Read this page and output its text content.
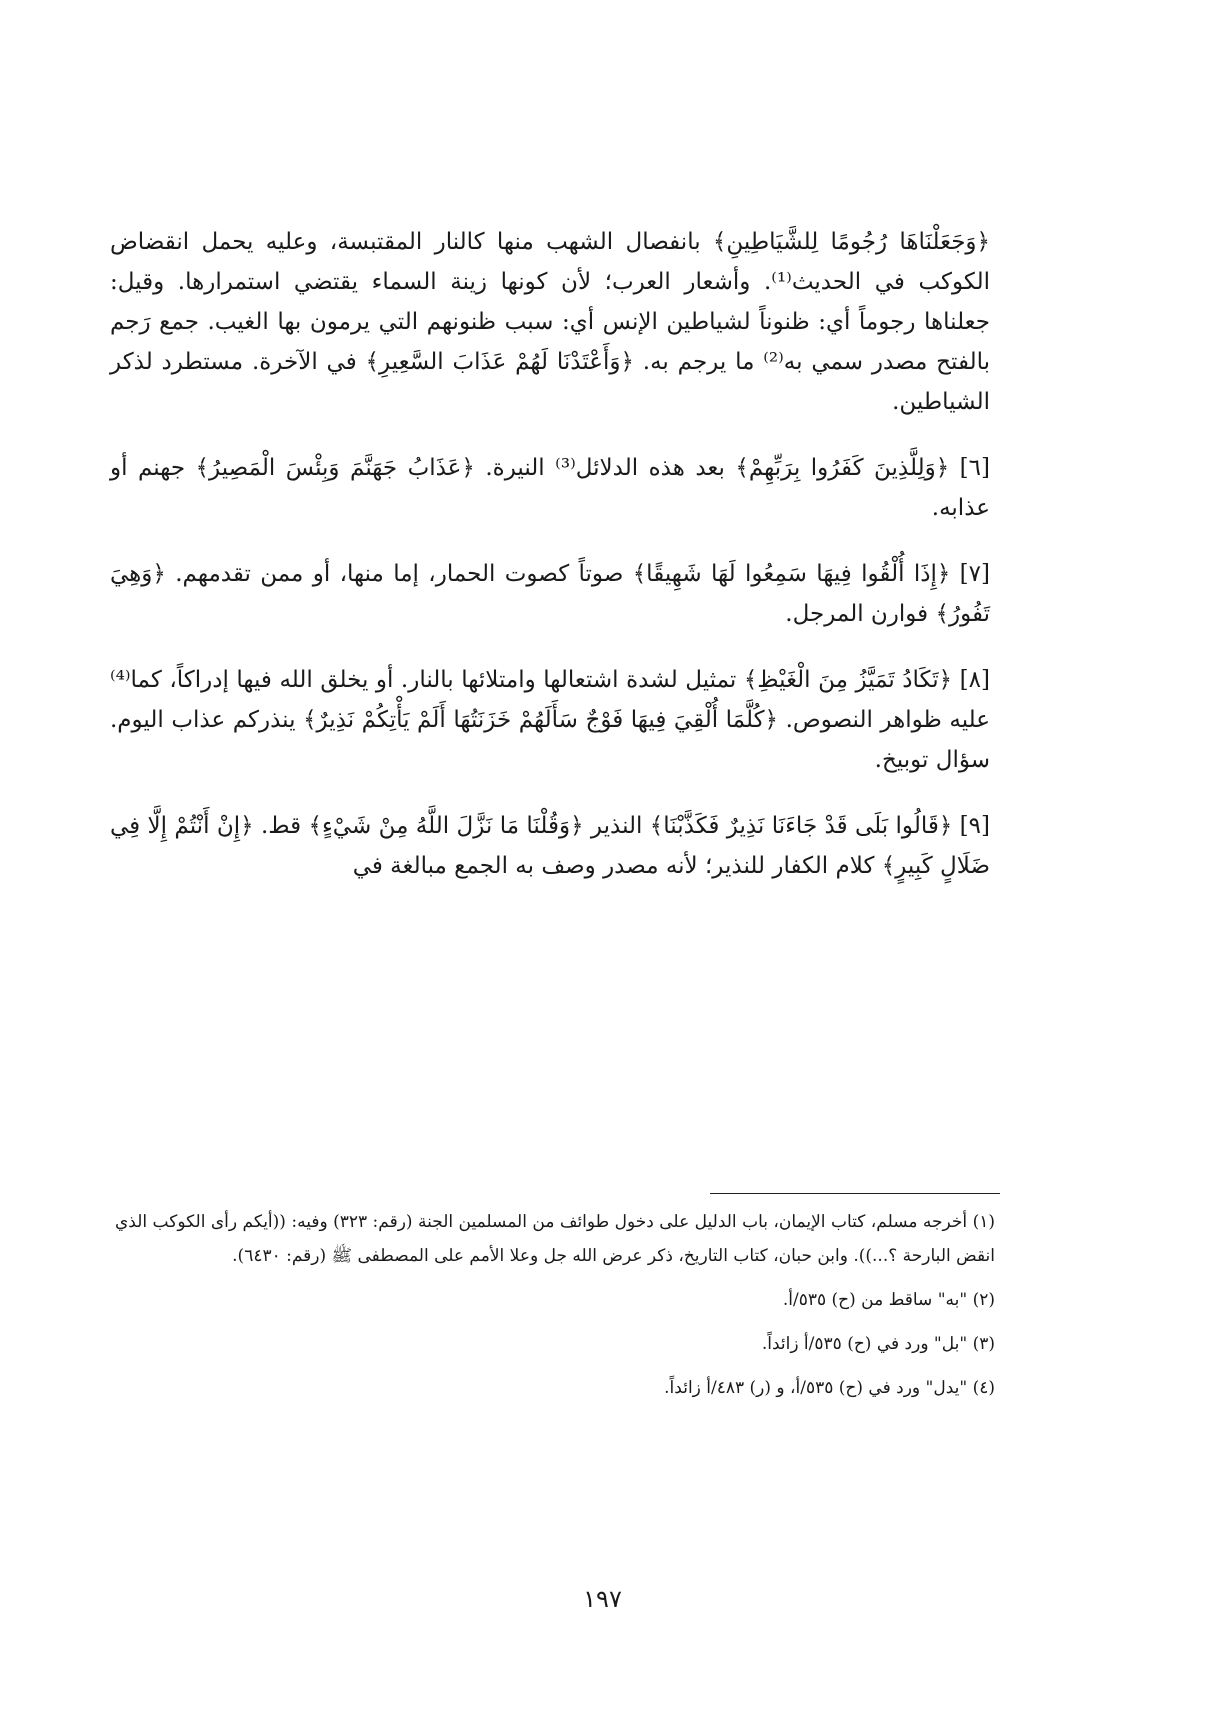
﴿وَجَعَلْنَاهَا رُجُومًا لِلشَّيَاطِينِ﴾ بانفصال الشهب منها كالنار المقتبسة، وعليه يحمل انقضاض الكوكب في الحديث⁽¹⁾. وأشعار العرب؛ لأن كونها زينة السماء يقتضي استمرارها. وقيل: جعلناها رجوماً أي: ظنوناً لشياطين الإنس أي: سبب ظنونهم التي يرمون بها الغيب. جمع رَجم بالفتح مصدر سمي به⁽²⁾ ما يرجم به. ﴿وَأَعْتَدْنَا لَهُمْ عَذَابَ السَّعِيرِ﴾ في الآخرة. مستطرد لذكر الشياطين.

[٦] ﴿وَلِلَّذِينَ كَفَرُوا بِرَبِّهِمْ﴾ بعد هذه الدلائل⁽³⁾ النيرة. ﴿عَذَابُ جَهَنَّمَ وَبِئْسَ الْمَصِيرُ﴾ جهنم أو عذابه.

[٧] ﴿إِذَا أُلْقُوا فِيهَا سَمِعُوا لَهَا شَهِيقًا﴾ صوتاً كصوت الحمار، إما منها، أو ممن تقدمهم. ﴿وَهِيَ تَفُورُ﴾ فوارن المرجل.

[٨] ﴿تَكَادُ تَمَيَّزُ مِنَ الْغَيْظِ﴾ تمثيل لشدة اشتعالها وامتلائها بالنار. أو يخلق الله فيها إدراكاً، كما⁽⁴⁾ عليه ظواهر النصوص. ﴿كُلَّمَا أُلْقِيَ فِيهَا فَوْجٌ سَأَلَهُمْ خَزَنَتُهَا أَلَمْ يَأْتِكُمْ نَذِيرٌ﴾ ينذركم عذاب اليوم. سؤال توبيخ.

[٩] ﴿قَالُوا بَلَى قَدْ جَاءَنَا نَذِيرٌ فَكَذَّبْنَا﴾ النذير ﴿وَقُلْنَا مَا نَزَّلَ اللَّهُ مِنْ شَيْءٍ﴾ قط. ﴿إِنْ أَنْتُمْ إِلَّا فِي ضَلَالٍ كَبِيرٍ﴾ كلام الكفار للنذير؛ لأنه مصدر وصف به الجمع مبالغة في

(١) أخرجه مسلم، كتاب الإيمان، باب الدليل على دخول طوائف من المسلمين الجنة (رقم: ٣٢٣) وفيه: ((أيكم رأى الكوكب الذي انقض البارحة ؟...)). وابن حبان، كتاب التاريخ، ذكر عرض الله جل وعلا الأمم على المصطفى ﷺ (رقم: ٦٤٣٠).

(٢) "به" ساقط من (ح) ٥٣٥/أ.

(٣) "بل" ورد في (ح) ٥٣٥/أ زائداً.

(٤) "يدل" ورد في (ح) ٥٣٥/أ، و (ر) ٤٨٣/أ زائداً.

١٩٧
